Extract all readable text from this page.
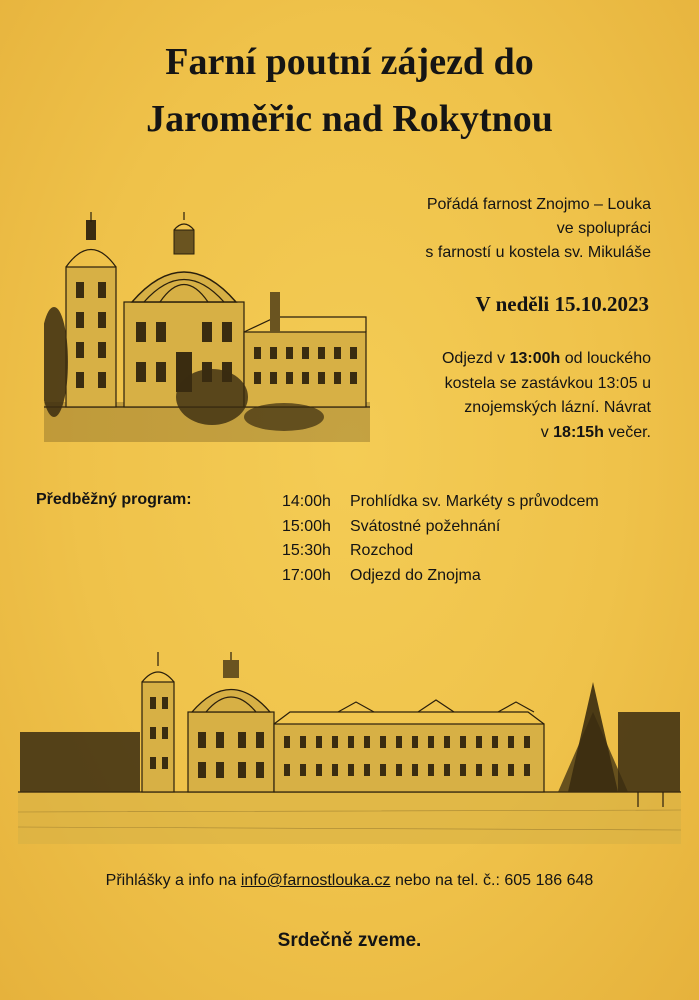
Farní poutní zájezd do
Jaroměřic nad Rokytnou
Pořádá farnost Znojmo – Louka
ve spolupráci
s farností u kostela sv. Mikuláše
V neděli 15.10.2023
Odjezd v 13:00h od louckého
kostela se zastávkou 13:05 u
znojemských lázní. Návrat
v 18:15h večer.
Předběžný program:	14:00h Prohlídka sv. Markéty s průvodcem
15:00h Svátostné požehnání
15:30h Rozchod
17:00h Odjezd do Znojma
Přihlášky a info na info@farnostlouka.cz nebo na tel. č.: 605 186 648
Srdečně zveme.
